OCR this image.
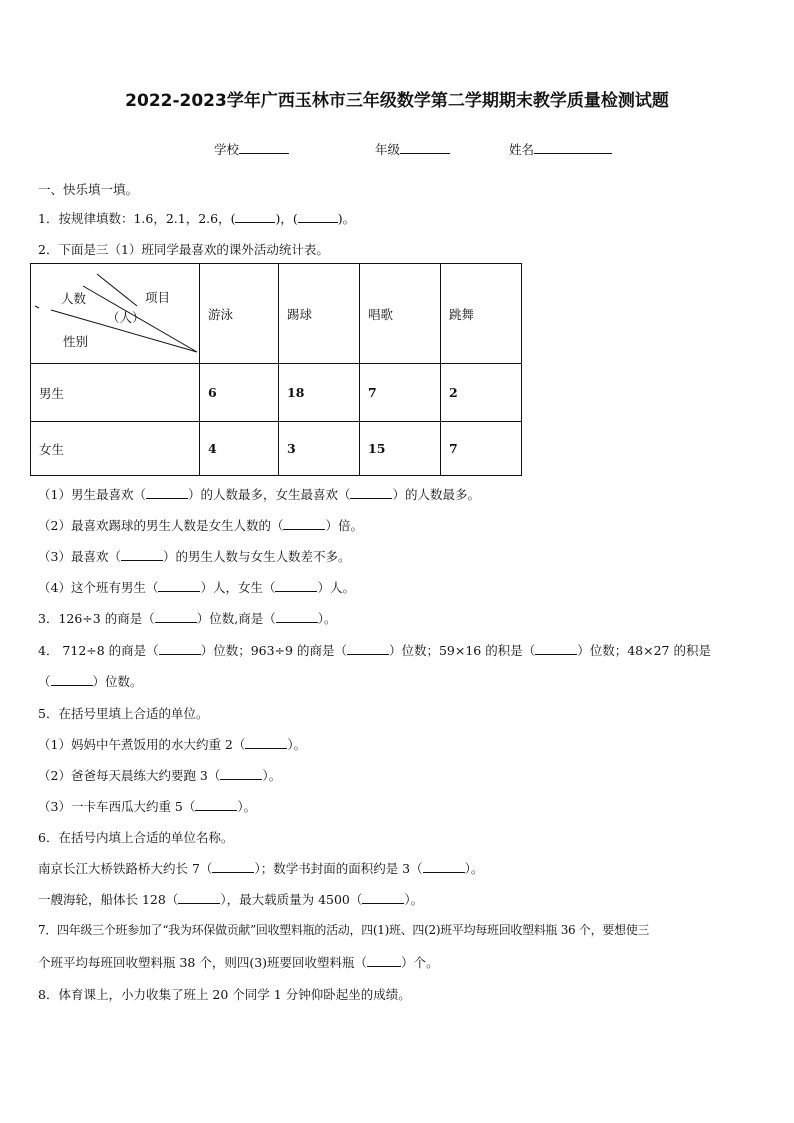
2022-2023学年广西玉林市三年级数学第二学期期末教学质量检测试题
学校	年级	姓名
一、快乐填一填。
1．按规律填数：1.6，2.1，2.6，(	)，(	)。
2．下面是三（1）班同学最喜欢的课外活动统计表。
人数 项目
（人）
性别	游泳	踢球	唱歌	跳舞
男生	6	18	7	2
女生	4	3	15	7
（1）男生最喜欢（	）的人数最多，女生最喜欢（	）的人数最多。
（2）最喜欢踢球的男生人数是女生人数的（	）倍。
（3）最喜欢（	）的男生人数与女生人数差不多。
（4）这个班有男生（	）人，女生（	）人。
3．126÷3 的商是（	）位数,商是（	）。
4． 712÷8 的商是（	）位数；963÷9 的商是（	）位数；59×16 的积是（	）位数；48×27 的积是
（	）位数。
5．在括号里填上合适的单位。
（1）妈妈中午煮饭用的水大约重 2（	）。
（2）爸爸每天晨练大约要跑 3（	）。
（3）一卡车西瓜大约重 5（	）。
6．在括号内填上合适的单位名称。
南京长江大桥铁路桥大约长 7（	）；数学书封面的面积约是 3（	）。
一艘海轮，船体长 128（	），最大载质量为 4500（	）。
7．四年级三个班参加了“我为环保做贡献”回收塑料瓶的活动，四(1)班、四(2)班平均每班回收塑料瓶 36 个，要想使三
个班平均每班回收塑料瓶 38 个，则四(3)班要回收塑料瓶（	）个。
8．体育课上，小力收集了班上 20 个同学 1 分钟仰卧起坐的成绩。
